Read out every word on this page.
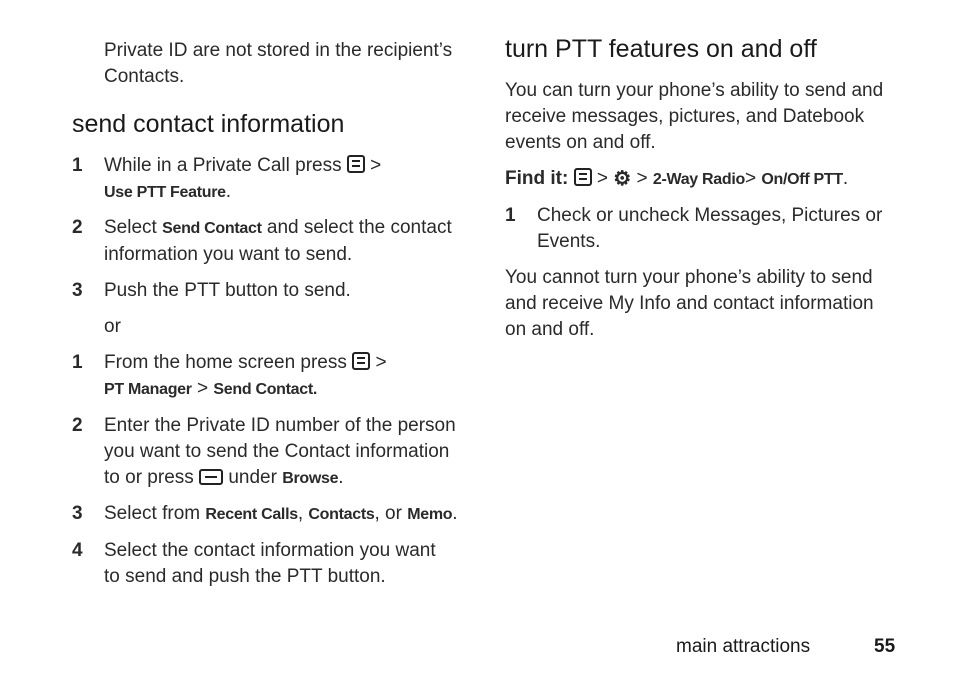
Private ID are not stored in the recipient’s
Contacts.

send contact information
1	While in a Private Call press >
Use PTT Feature.
2	Select Send Contact and select the contact
information you want to send.
3	Push the PTT button to send.

or

1	From the home screen press >
PT Manager > Send Contact.
2	Enter the Private ID number of the person
you want to send the Contact information
to or press under Browse.
3	Select from Recent Calls, Contacts, or Memo.
4	Select the contact information you want
to send and push the PTT button.
turn PTT features on and off

You can turn your phone’s ability to send and
receive messages, pictures, and Datebook
events on and off.

Find it: > ⚙ > 2-Way Radio> On/Off PTT.

1	Check or uncheck Messages, Pictures or
Events.

You cannot turn your phone’s ability to send
and receive My Info and contact information
on and off.

main attractions	55
